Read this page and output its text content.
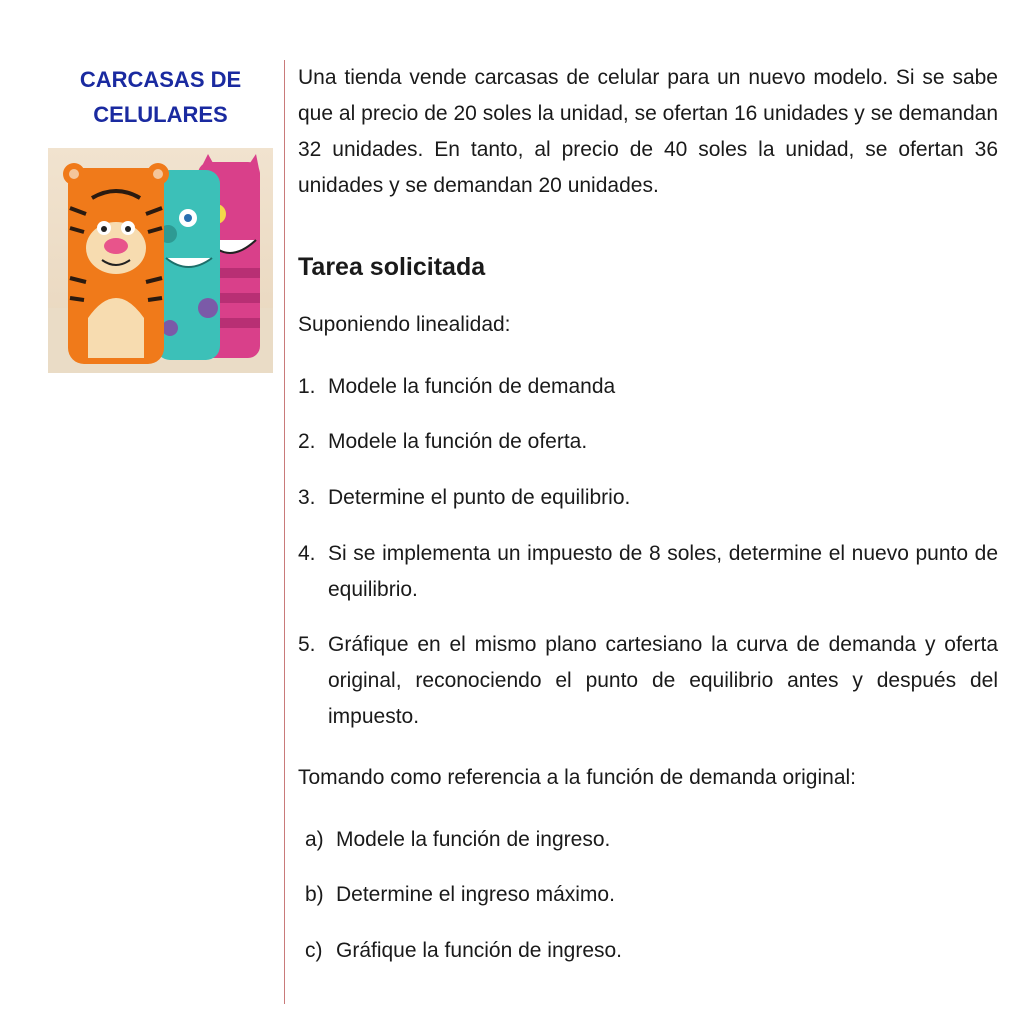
CARCASAS DE
CELULARES

Una tienda vende carcasas de celular para un nuevo modelo. Si se sabe que al precio de 20 soles la unidad, se ofertan 16 unidades y se demandan 32 unidades. En tanto, al precio de 40 soles la unidad, se ofertan 36 unidades y se demandan 20 unidades.

Tarea solicitada

Suponiendo linealidad:

1. Modele la función de demanda
2. Modele la función de oferta.
3. Determine el punto de equilibrio.
4. Si se implementa un impuesto de 8 soles, determine el nuevo punto de equilibrio.
5. Gráfique en el mismo plano cartesiano la curva de demanda y oferta original, reconociendo el punto de equilibrio antes y después del impuesto.

Tomando como referencia a la función de demanda original:

a) Modele la función de ingreso.
b) Determine el ingreso máximo.
c) Gráfique la función de ingreso.
